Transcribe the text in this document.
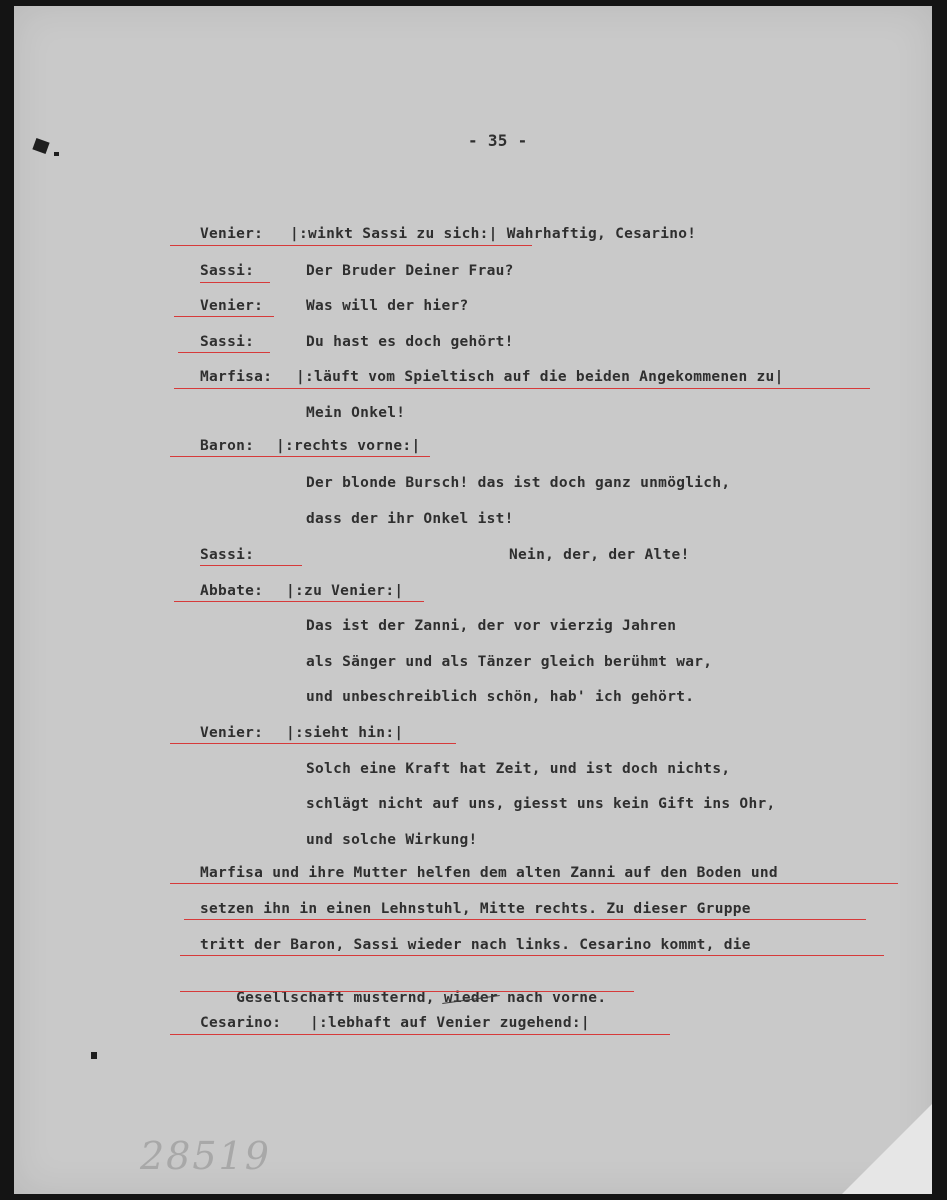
- 35 -
Venier: |:winkt Sassi zu sich:| Wahrhaftig, Cesarino!
Sassi:	Der Bruder Deiner Frau?
Venier:	Was will der hier?
Sassi:	Du hast es doch gehört!
Marfisa: |:läuft vom Spieltisch auf die beiden Angekommenen zu|
Mein Onkel!
Baron: |:rechts vorne:|
Der blonde Bursch! das ist doch ganz unmöglich,
dass der ihr Onkel ist!
Sassi:	Nein, der, der Alte!
Abbate: |:zu Venier:|
Das ist der Zanni, der vor vierzig Jahren
als Sänger und als Tänzer gleich berühmt war,
und unbeschreiblich schön, hab' ich gehört.
Venier: |:sieht hin:|
Solch eine Kraft hat Zeit, und ist doch nichts,
schlägt nicht auf uns, giesst uns kein Gift ins Ohr,
und solche Wirkung!
Marfisa und ihre Mutter helfen dem alten Zanni auf den Boden und
setzen ihn in einen Lehnstuhl, Mitte rechts. Zu dieser Gruppe
tritt der Baron, Sassi wieder nach links. Cesarino kommt, die

Gesellschaft musternd, wieder nach vorne.

Cesarino: |:lebhaft auf Venier zugehend:|
28519
